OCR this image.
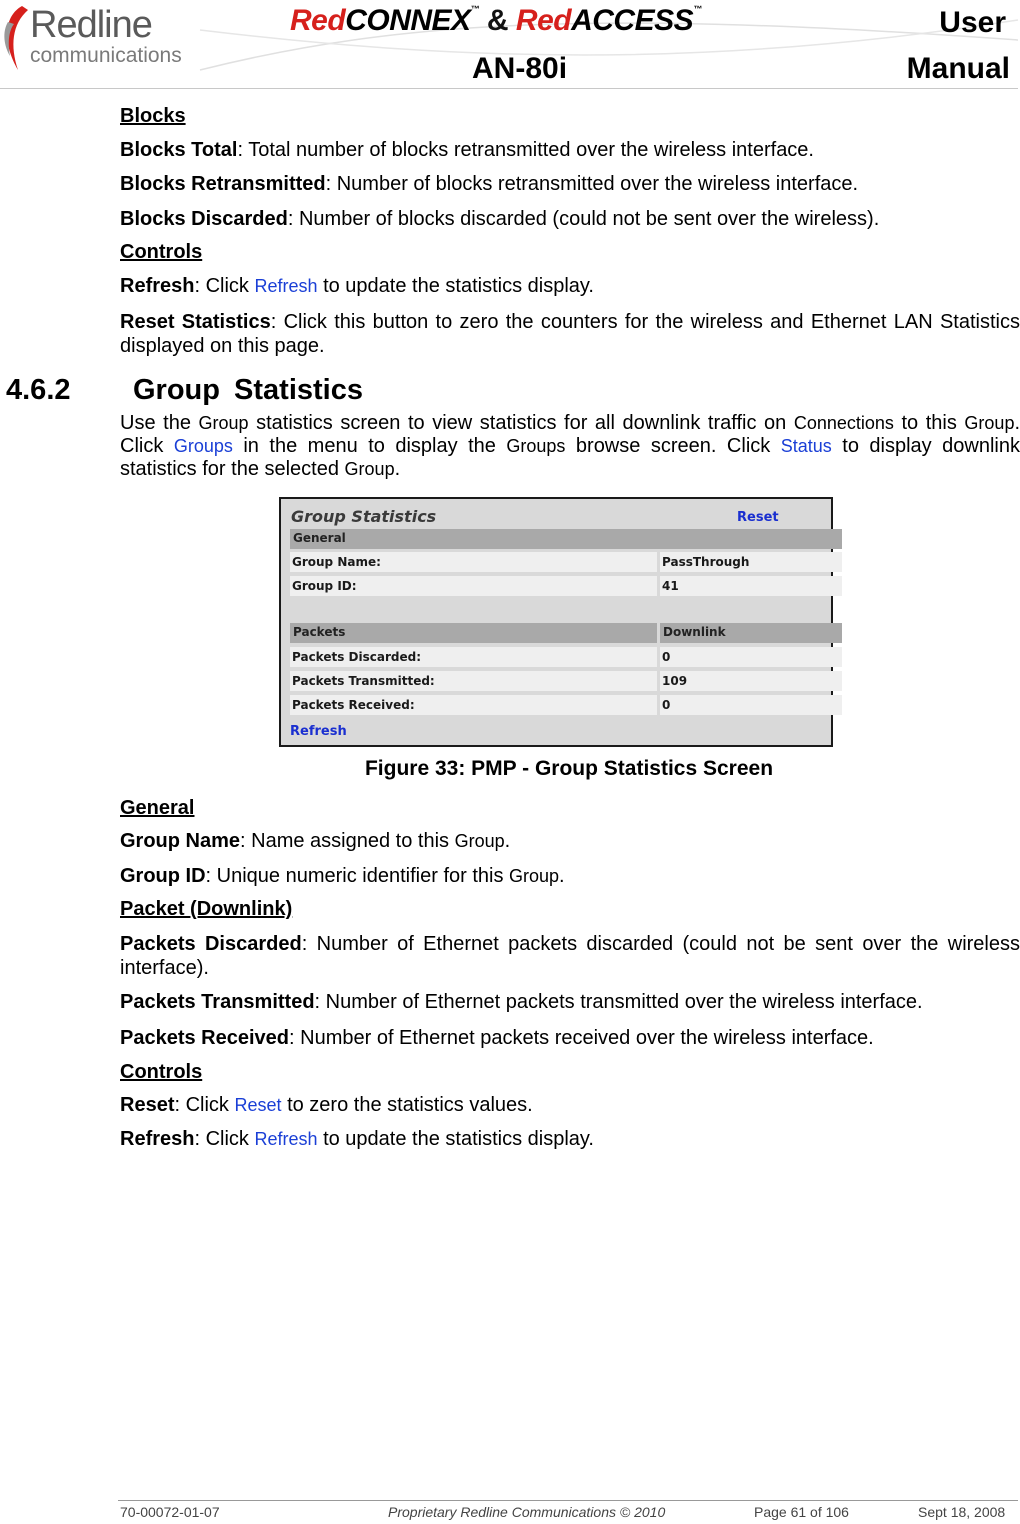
Redline
communications
RedCONNEX™ & RedACCESS™
AN-80i
User
Manual
Blocks
Blocks Total: Total number of blocks retransmitted over the wireless interface.
Blocks Retransmitted: Number of blocks retransmitted over the wireless interface.
Blocks Discarded: Number of blocks discarded (could not be sent over the wireless).
Controls
Refresh: Click Refresh to update the statistics display.
Reset Statistics: Click this button to zero the counters for the wireless and Ethernet LAN Statistics displayed on this page.
4.6.2 Group Statistics
Use the Group statistics screen to view statistics for all downlink traffic on Connections to this Group. Click Groups in the menu to display the Groups browse screen. Click Status to display downlink statistics for the selected Group.
Group Statistics	Reset
General
Group Name:	PassThrough
Group ID:	41
Packets	Downlink
Packets Discarded:	0
Packets Transmitted:	109
Packets Received:	0
Refresh
Figure 33: PMP - Group Statistics Screen
General
Group Name: Name assigned to this Group.
Group ID: Unique numeric identifier for this Group.
Packet (Downlink)
Packets Discarded: Number of Ethernet packets discarded (could not be sent over the wireless interface).
Packets Transmitted: Number of Ethernet packets transmitted over the wireless interface.
Packets Received: Number of Ethernet packets received over the wireless interface.
Controls
Reset: Click Reset to zero the statistics values.
Refresh: Click Refresh to update the statistics display.
70-00072-01-07	Proprietary Redline Communications © 2010	Page 61 of 106	Sept 18, 2008
